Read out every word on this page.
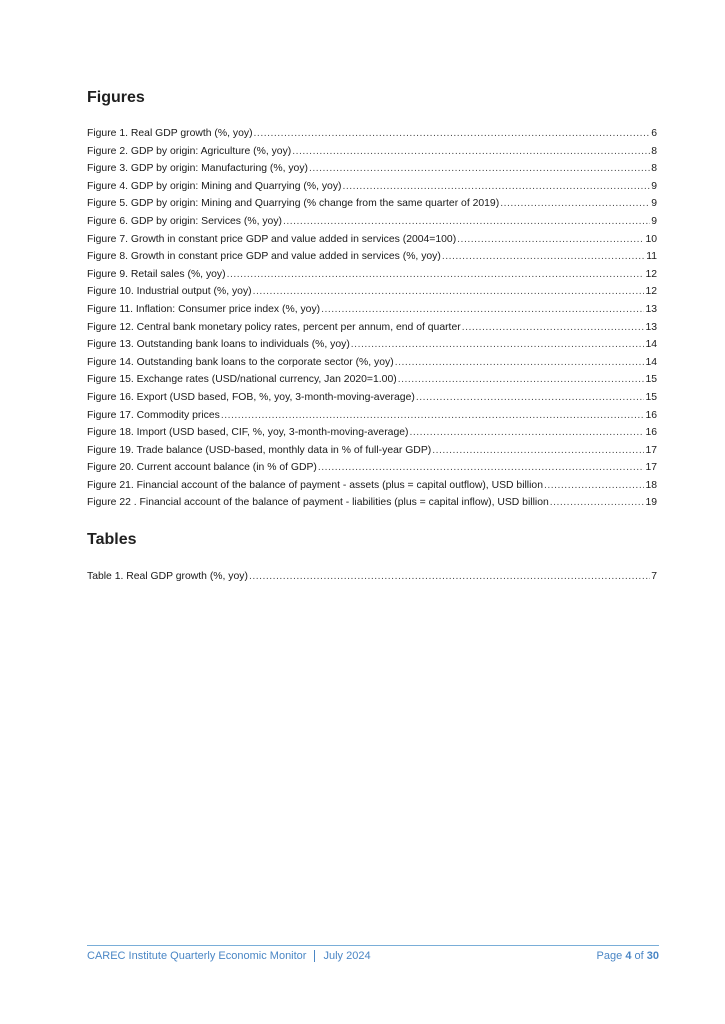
Figures
Figure 1. Real GDP growth (%, yoy) .....	6
Figure 2. GDP by origin: Agriculture (%, yoy) .....	8
Figure 3. GDP by origin: Manufacturing (%, yoy) .....	8
Figure 4. GDP by origin: Mining and Quarrying (%, yoy) .....	9
Figure 5. GDP by origin: Mining and Quarrying (% change from the same quarter of 2019) .....	9
Figure 6. GDP by origin: Services (%, yoy) .....	9
Figure 7. Growth in constant price GDP and value added in services (2004=100) .....	10
Figure 8. Growth in constant price GDP and value added in services (%, yoy) .....	11
Figure 9. Retail sales (%, yoy) .....	12
Figure 10. Industrial output (%, yoy) .....	12
Figure 11. Inflation: Consumer price index (%, yoy) .....	13
Figure 12. Central bank monetary policy rates, percent per annum, end of quarter .....	13
Figure 13. Outstanding bank loans to individuals (%, yoy) .....	14
Figure 14. Outstanding bank loans to the corporate sector (%, yoy) .....	14
Figure 15. Exchange rates (USD/national currency, Jan 2020=1.00) .....	15
Figure 16. Export (USD based, FOB, %, yoy, 3-month-moving-average) .....	15
Figure 17. Commodity prices .....	16
Figure 18. Import (USD based, CIF, %, yoy, 3-month-moving-average) .....	16
Figure 19. Trade balance (USD-based, monthly data in % of full-year GDP) .....	17
Figure 20. Current account balance (in % of GDP) .....	17
Figure 21. Financial account of the balance of payment - assets (plus = capital outflow), USD billion .....	18
Figure 22 . Financial account of the balance of payment - liabilities (plus = capital inflow), USD billion .....	19
Tables
Table 1. Real GDP growth (%, yoy) .....	7
CAREC Institute Quarterly Economic Monitor July 2024	Page 4 of 30
